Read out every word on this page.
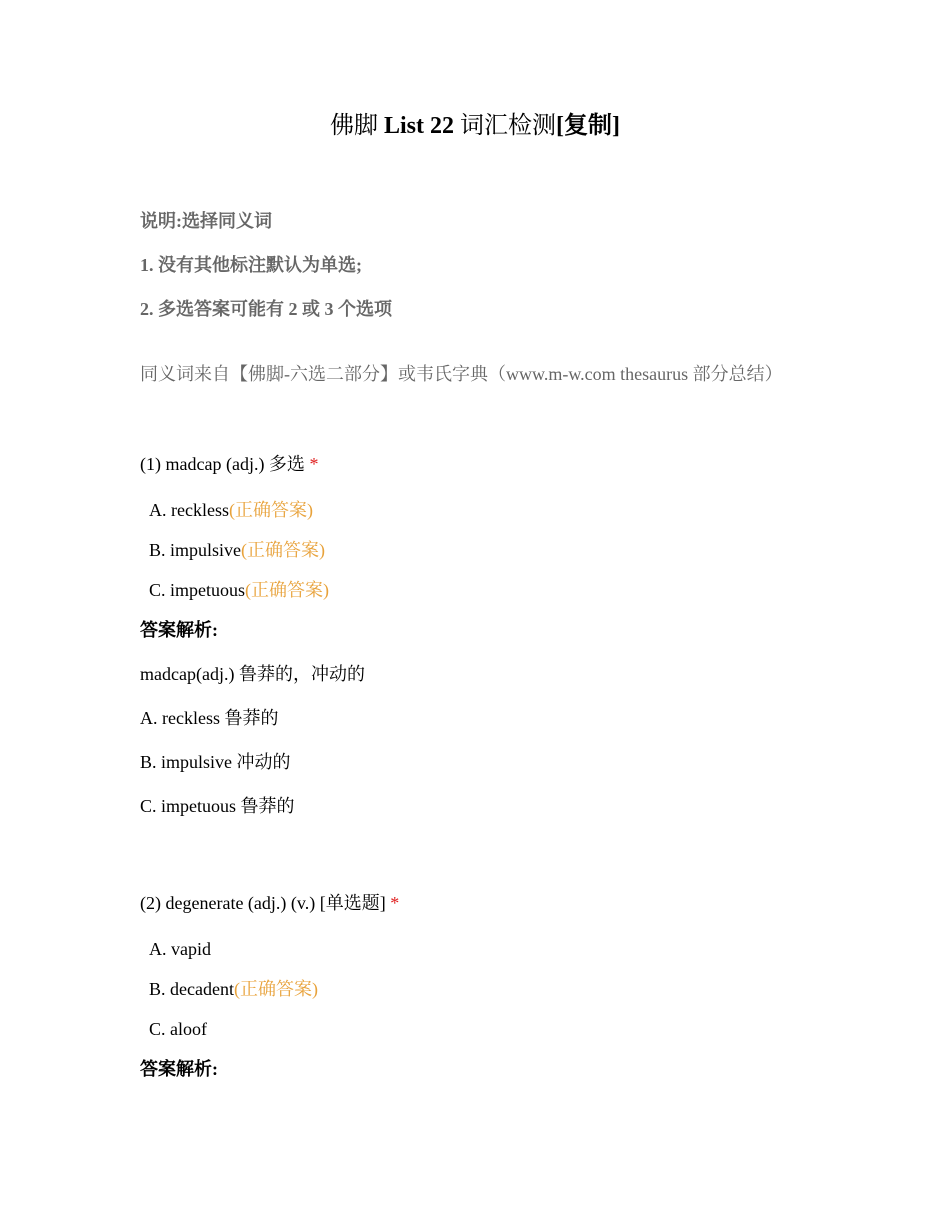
佛脚 List 22 词汇检测[复制]
说明:选择同义词
1. 没有其他标注默认为单选;
2. 多选答案可能有 2 或 3 个选项
同义词来自【佛脚-六选二部分】或韦氏字典（www.m-w.com thesaurus 部分总结）
(1) madcap (adj.) 多选 *
A. reckless(正确答案)
B. impulsive(正确答案)
C. impetuous(正确答案)
答案解析:
madcap(adj.) 鲁莽的，冲动的
A. reckless 鲁莽的
B. impulsive 冲动的
C. impetuous 鲁莽的
(2) degenerate (adj.) (v.) [单选题] *
A. vapid
B. decadent(正确答案)
C. aloof
答案解析:
